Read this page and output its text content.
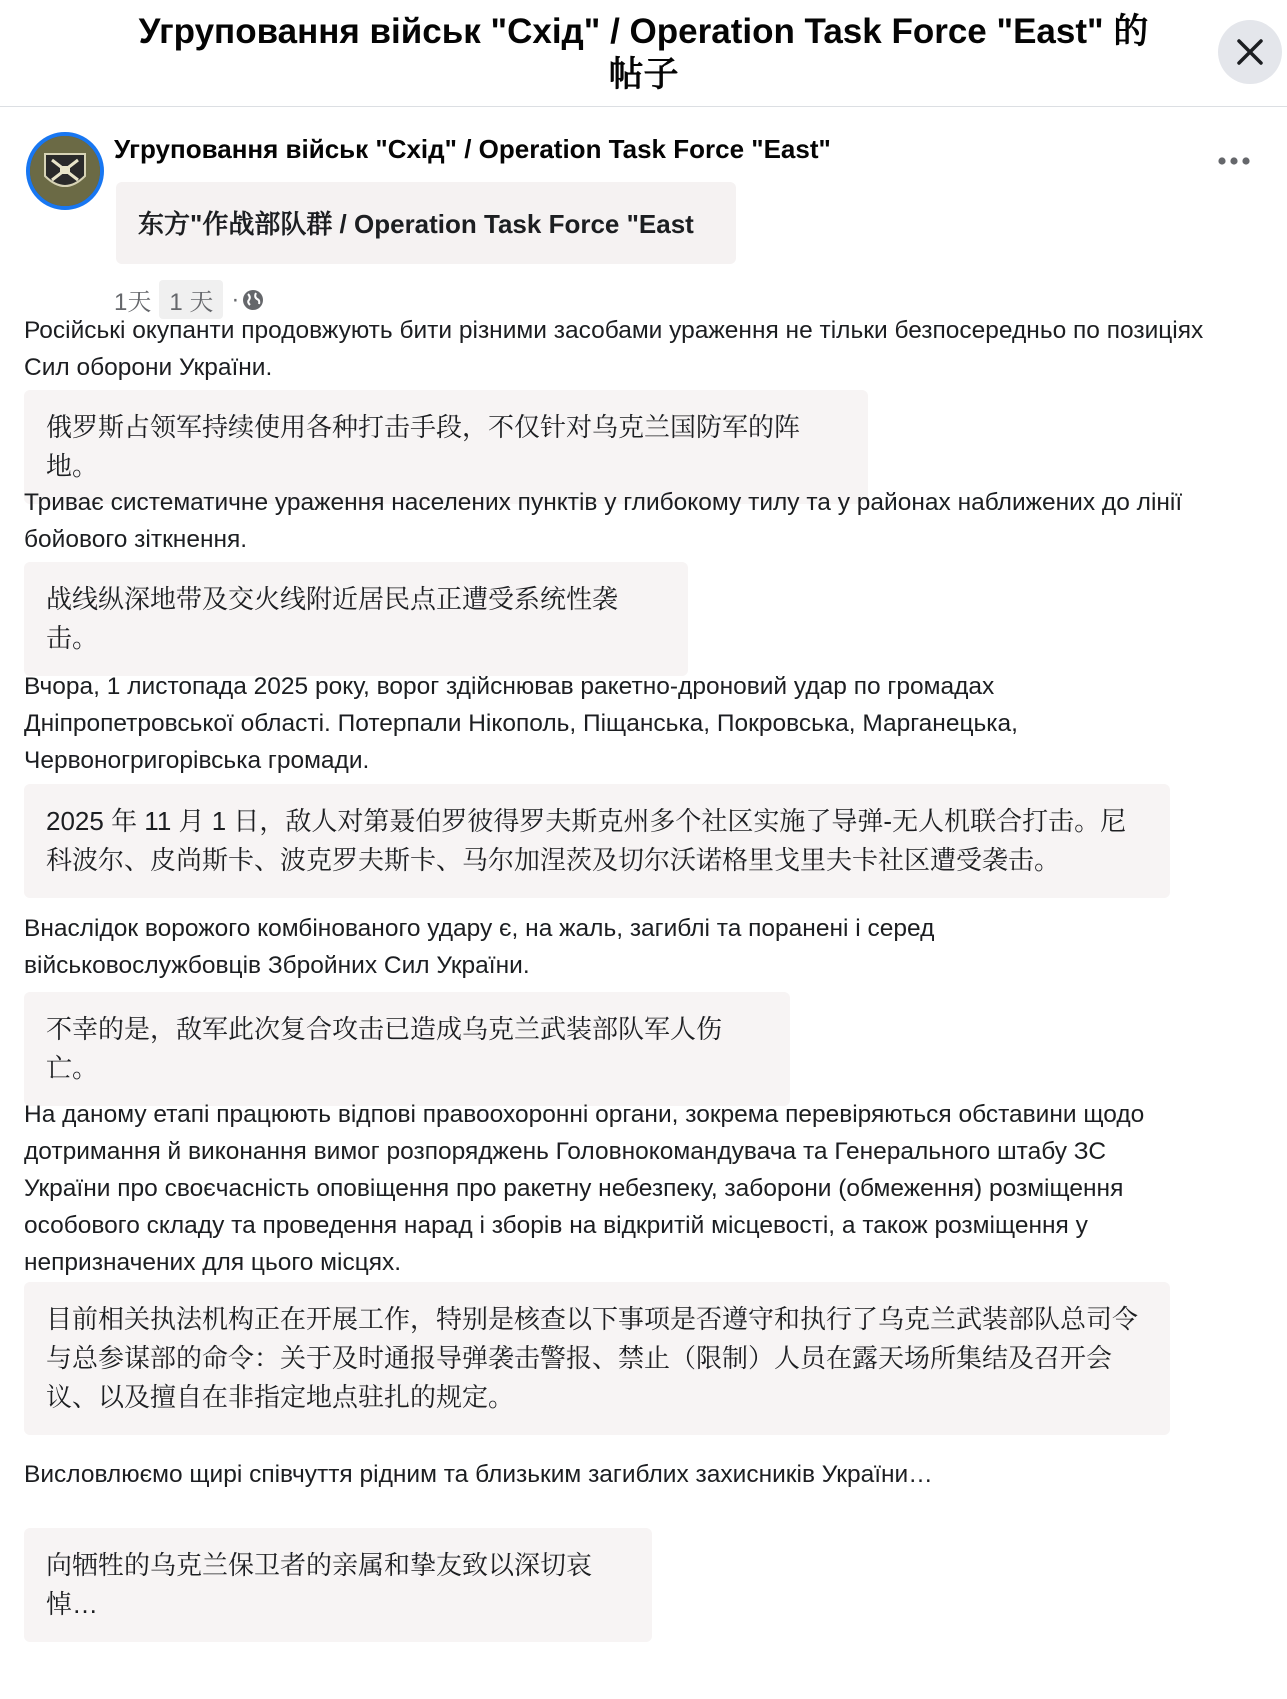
Угруповання військ "Схід" / Operation Task Force "East" 的
帖子
Угруповання військ "Схід" / Operation Task Force "East"
东方"作战部队群 / Operation Task Force "East
1天 1 天 ·

Російські окупанти продовжують бити різними засобами ураження не тільки безпосередньо по позиціях Сил оборони України.

俄罗斯占领军持续使用各种打击手段，不仅针对乌克兰国防军的阵地。

Триває систематичне ураження населених пунктів у глибокому тилу та у районах наближених до лінії бойового зіткнення.

战线纵深地带及交火线附近居民点正遭受系统性袭击。

Вчора, 1 листопада 2025 року, ворог здійснював ракетно-дроновий удар по громадах Дніпропетровської області. Потерпали Нікополь, Піщанська, Покровська, Марганецька, Червоногригорівська громади.

2025 年 11 月 1 日，敌人对第聂伯罗彼得罗夫斯克州多个社区实施了导弹-无人机联合打击。尼科波尔、皮尚斯卡、波克罗夫斯卡、马尔加涅茨及切尔沃诺格里戈里夫卡社区遭受袭击。

Внаслідок ворожого комбінованого удару є, на жаль, загиблі та поранені і серед військовослужбовців Збройних Сил України.

不幸的是，敌军此次复合攻击已造成乌克兰武装部队军人伤亡。

На даному етапі працюють відпові правоохоронні органи, зокрема перевіряються обставини щодо дотримання й виконання вимог розпоряджень Головнокомандувача та Генерального штабу ЗС України про своєчасність оповіщення про ракетну небезпеку, заборони (обмеження) розміщення особового складу та проведення нарад і зборів на відкритій місцевості, а також розміщення у непризначених для цього місцях.

目前相关执法机构正在开展工作，特别是核查以下事项是否遵守和执行了乌克兰武装部队总司令与总参谋部的命令：关于及时通报导弹袭击警报、禁止（限制）人员在露天场所集结及召开会议、以及擅自在非指定地点驻扎的规定。

Висловлюємо щирі співчуття рідним та близьким загиблих захисників України…

向牺牲的乌克兰保卫者的亲属和挚友致以深切哀悼…
